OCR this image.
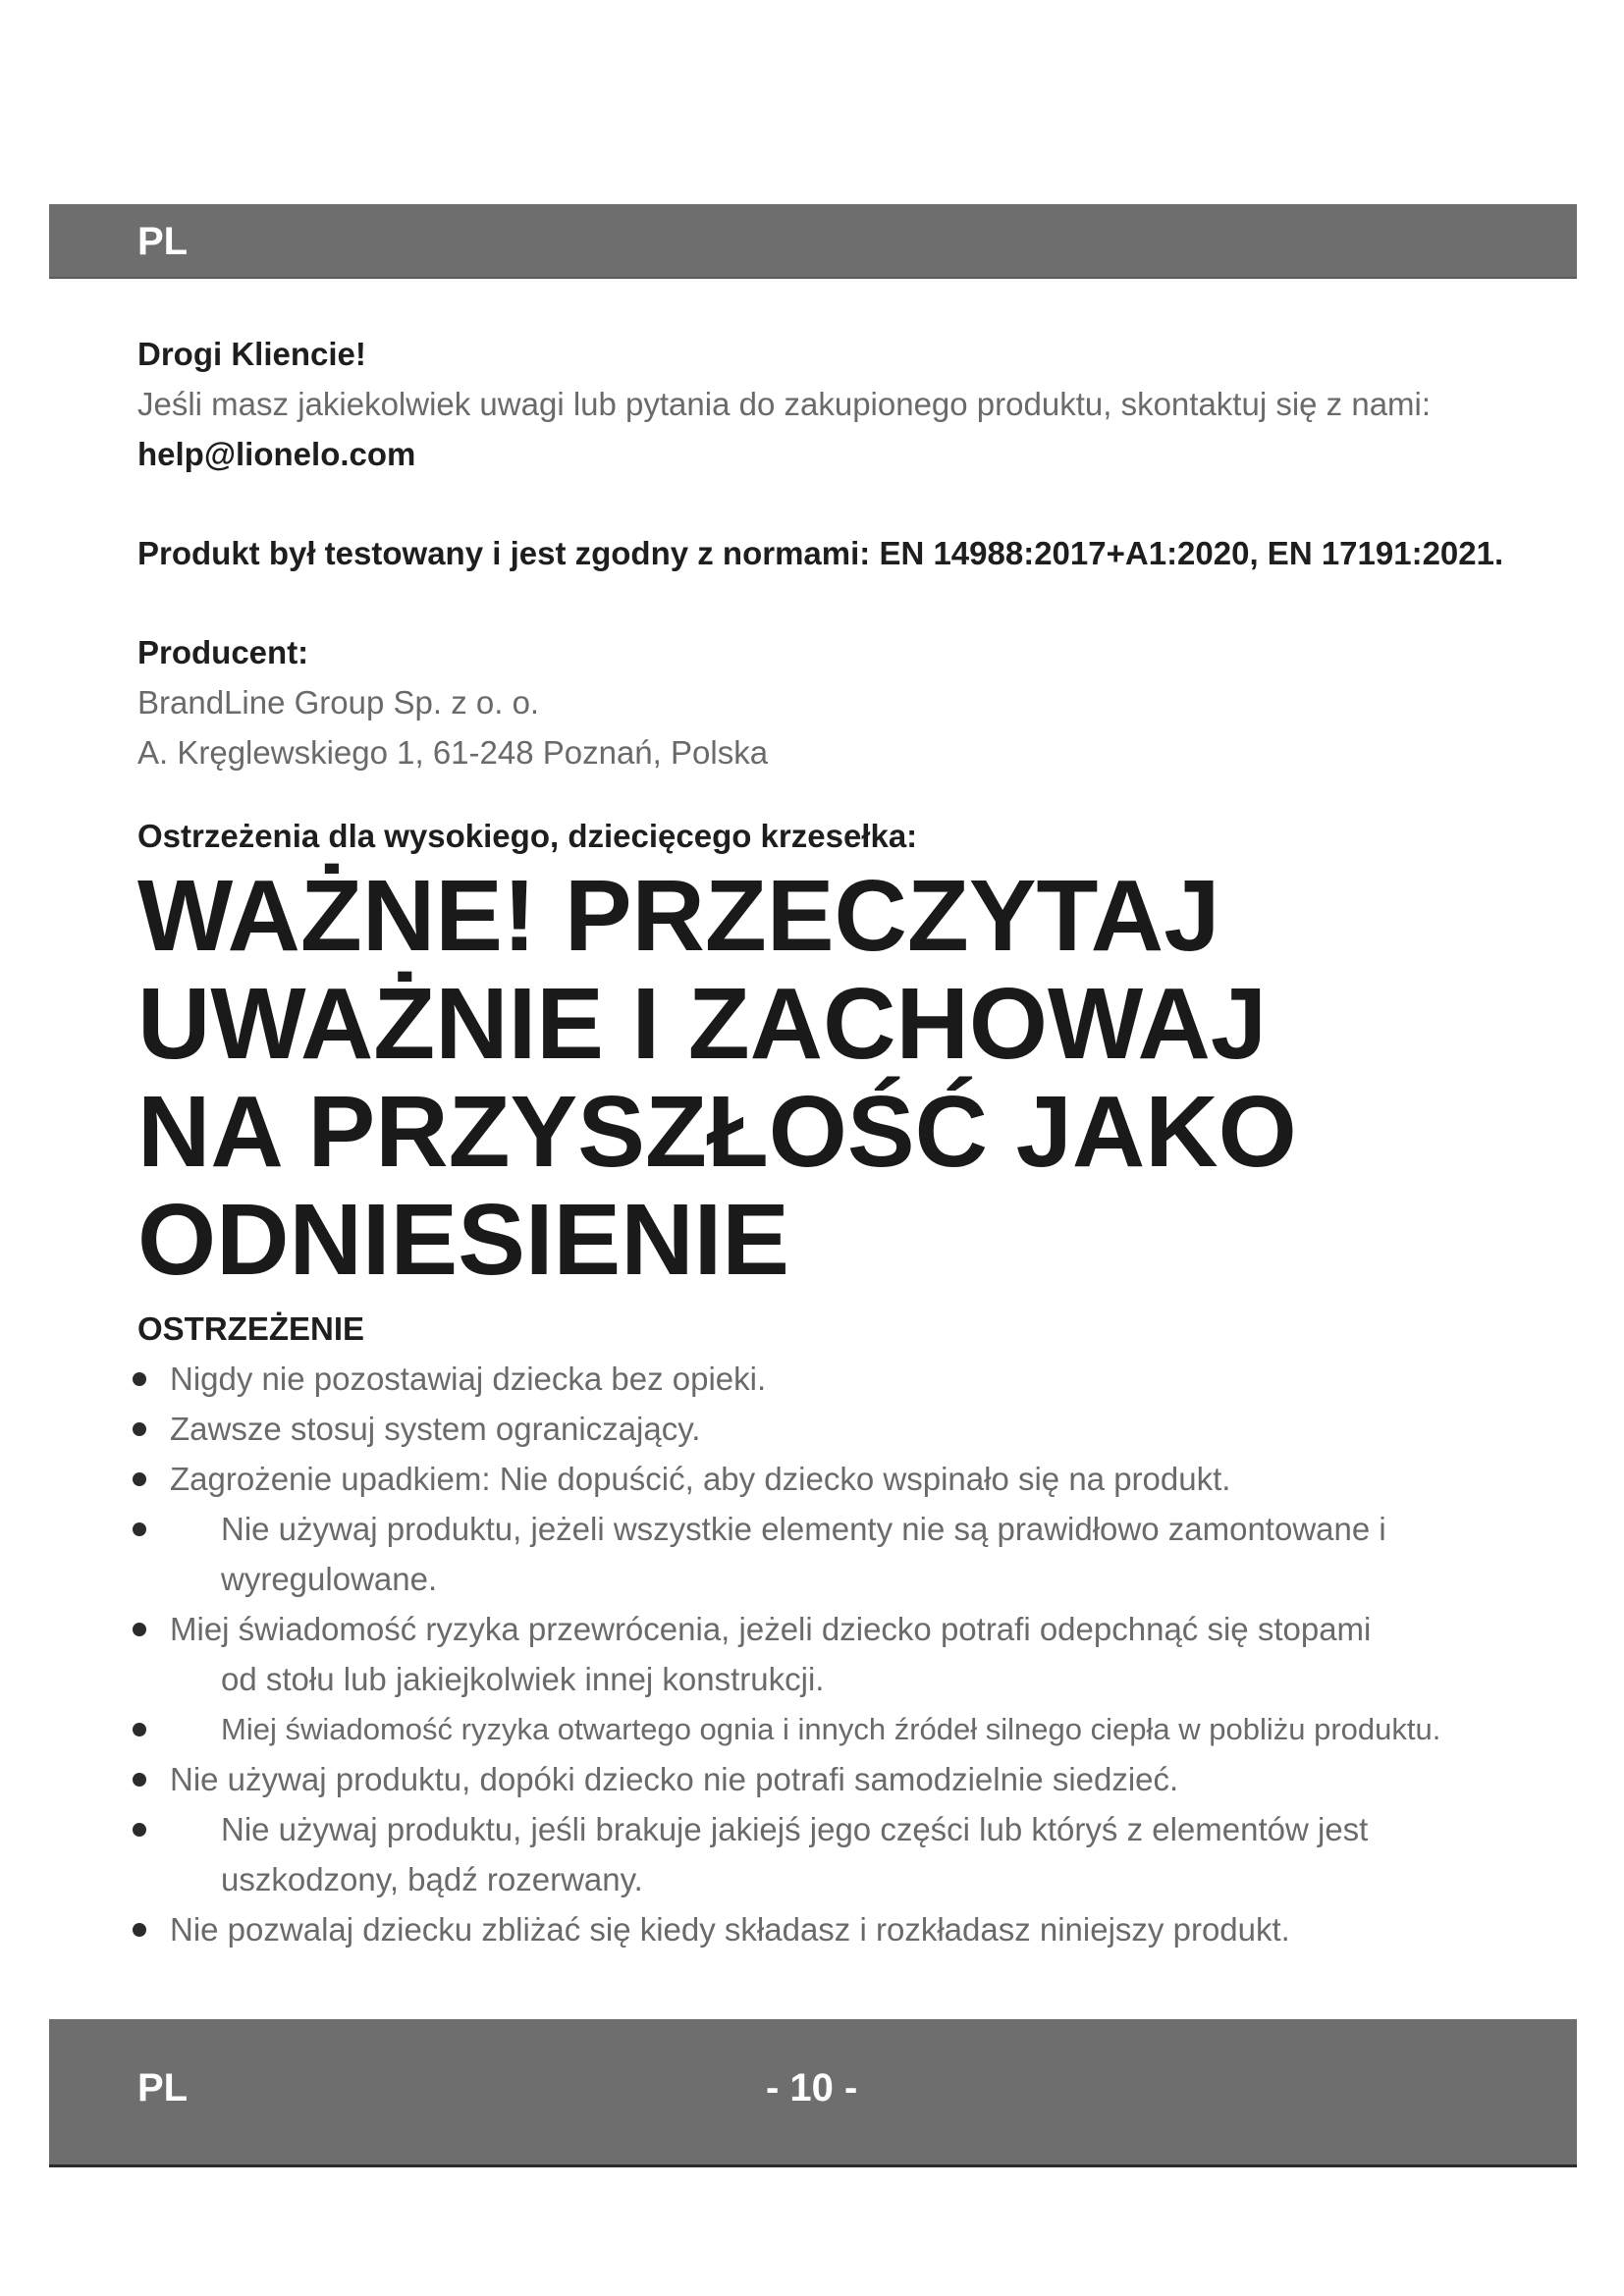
PL

Drogi Kliencie!

Jeśli masz jakiekolwiek uwagi lub pytania do zakupionego produktu, skontaktuj się z nami:

help@lionelo.com

Produkt był testowany i jest zgodny z normami: EN 14988:2017+A1:2020, EN 17191:2021.

Producent:

BrandLine Group Sp. z o. o.

A. Kręglewskiego 1, 61-248 Poznań, Polska

Ostrzeżenia dla wysokiego, dziecięcego krzesełka:

WAŻNE! PRZECZYTAJ
UWAŻNIE I ZACHOWAJ
NA PRZYSZŁOŚĆ JAKO
ODNIESIENIE
OSTRZEŻENIE
Nigdy nie pozostawiaj dziecka bez opieki.
Zawsze stosuj system ograniczający.
Zagrożenie upadkiem: Nie dopuścić, aby dziecko wspinało się na produkt.
Nie używaj produktu, jeżeli wszystkie elementy nie są prawidłowo zamontowane i
wyregulowane.
Miej świadomość ryzyka przewrócenia, jeżeli dziecko potrafi odepchnąć się stopami
od stołu lub jakiejkolwiek innej konstrukcji.
Miej świadomość ryzyka otwartego ognia i innych źródeł silnego ciepła w pobliżu produktu.
Nie używaj produktu, dopóki dziecko nie potrafi samodzielnie siedzieć.
Nie używaj produktu, jeśli brakuje jakiejś jego części lub któryś z elementów jest
uszkodzony, bądź rozerwany.
Nie pozwalaj dziecku zbliżać się kiedy składasz i rozkładasz niniejszy produkt.
PL	- 10 -
